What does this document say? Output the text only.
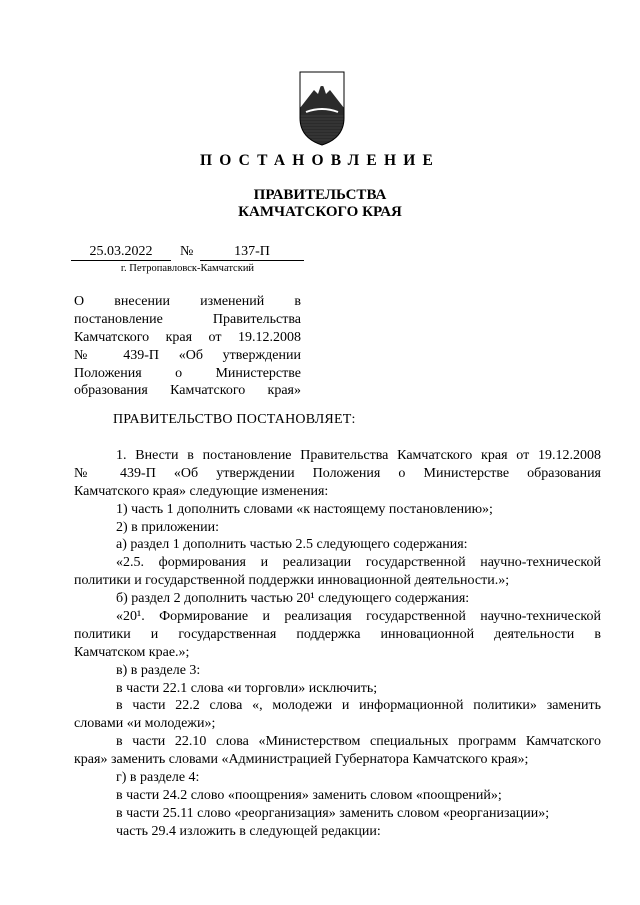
ПОСТАНОВЛЕНИЕ
ПРАВИТЕЛЬСТВА
КАМЧАТСКОГО КРАЯ
25.03.2022	№	137-П
г. Петропавловск-Камчатский
О внесении изменений в
постановление Правительства
Камчатского края от 19.12.2008
№ 439-П «Об утверждении
Положения о Министерстве
образования Камчатского края»
ПРАВИТЕЛЬСТВО ПОСТАНОВЛЯЕТ:
1. Внести в постановление Правительства Камчатского края от 19.12.2008
№ 439-П «Об утверждении Положения о Министерстве образования
Камчатского края» следующие изменения:
1) часть 1 дополнить словами «к настоящему постановлению»;
2) в приложении:
а) раздел 1 дополнить частью 2.5 следующего содержания:
«2.5. формирования и реализации государственной научно-технической
политики и государственной поддержки инновационной деятельности.»;
б) раздел 2 дополнить частью 20¹ следующего содержания:
«20¹. Формирование и реализация государственной научно-технической
политики и государственная поддержка инновационной деятельности в
Камчатском крае.»;
в) в разделе 3:
в части 22.1 слова «и торговли» исключить;
в части 22.2 слова «, молодежи и информационной политики» заменить
словами «и молодежи»;
в части 22.10 слова «Министерством специальных программ Камчатского
края» заменить словами «Администрацией Губернатора Камчатского края»;
г) в разделе 4:
в части 24.2 слово «поощрения» заменить словом «поощрений»;
в части 25.11 слово «реорганизация» заменить словом «реорганизации»;
часть 29.4 изложить в следующей редакции:
